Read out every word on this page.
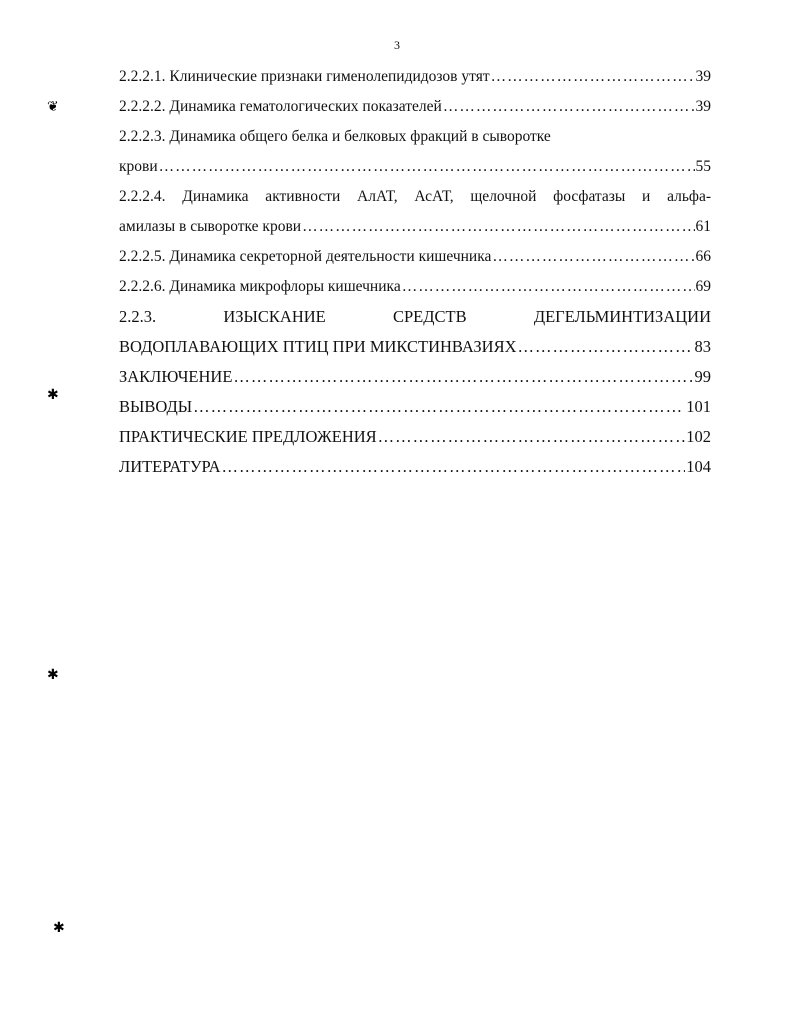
3
2.2.2.1. Клинические признаки гименолепидидозов утят ……………………………………………………………………………………………………………………………………………………………………	39
2.2.2.2. Динамика гематологических показателей ……………………………………………………………………………………………………………………………………………………………………	39
2.2.2.3. Динамика общего белка и белковых фракций в сыворотке
крови ……………………………………………………………………………………………………………………………………………………………………	55
2.2.2.4. Динамика активности АлАТ, АсАТ, щелочной фосфатазы и альфа-
амилазы в сыворотке крови ……………………………………………………………………………………………………………………………………………………………………	61
2.2.2.5. Динамика секреторной деятельности кишечника ……………………………………………………………………………………………………………………………………………………………………	66
2.2.2.6. Динамика микрофлоры кишечника ……………………………………………………………………………………………………………………………………………………………………	69
2.2.3. ИЗЫСКАНИЕ СРЕДСТВ ДЕГЕЛЬМИНТИЗАЦИИ
ВОДОПЛАВАЮЩИХ ПТИЦ ПРИ МИКСТИНВАЗИЯХ ……………………………………………………………………………………………………………………………………………………………………	83
ЗАКЛЮЧЕНИЕ ……………………………………………………………………………………………………………………………………………………………………	99
ВЫВОДЫ ……………………………………………………………………………………………………………………………………………………………………	101
ПРАКТИЧЕСКИЕ ПРЕДЛОЖЕНИЯ ……………………………………………………………………………………………………………………………………………………………………	102
ЛИТЕРАТУРА ……………………………………………………………………………………………………………………………………………………………………	104
❦
✱
✱
✱
